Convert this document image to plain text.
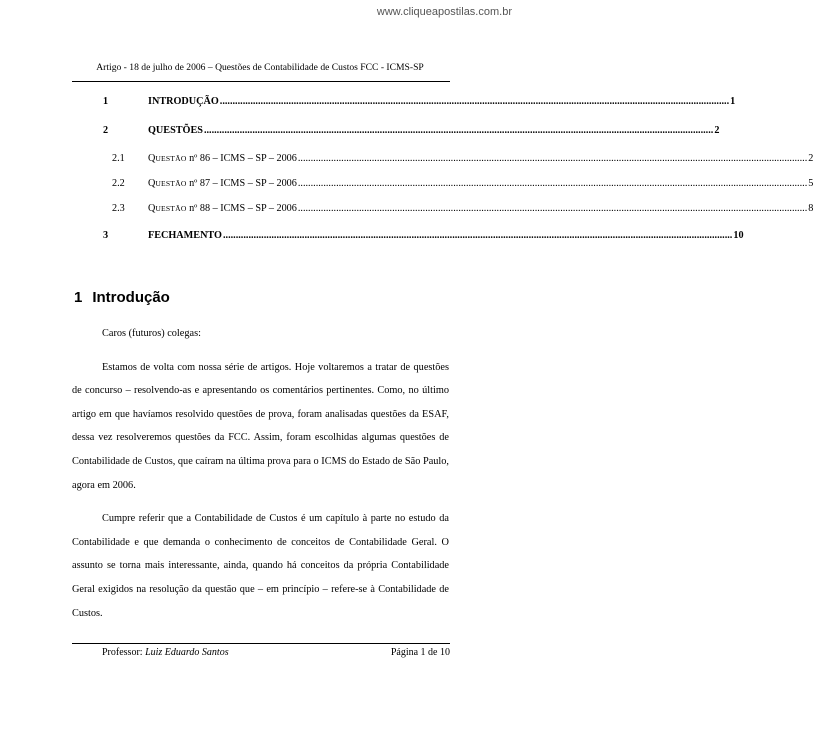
www.cliqueapostilas.com.br
Artigo - 18 de julho de 2006 – Questões de Contabilidade de Custos FCC - ICMS-SP
1	INTRODUÇÃO ........................................................................................................................................................................................................ 1
2	QUESTÕES ........................................................................................................................................................................................................ 2
2.1	QUESTÃO nº 86 – ICMS – SP – 2006 ........................................................................................................................................................................................................ 2
2.2	QUESTÃO nº 87 – ICMS – SP – 2006 ........................................................................................................................................................................................................ 5
2.3	QUESTÃO nº 88 – ICMS – SP – 2006 ........................................................................................................................................................................................................ 8
3	FECHAMENTO ........................................................................................................................................................................................................ 10
1 Introdução

Caros (futuros) colegas:

Estamos de volta com nossa série de artigos. Hoje voltaremos a tratar de questões de concurso – resolvendo-as e apresentando os comentários pertinentes. Como, no último artigo em que havíamos resolvido questões de prova, foram analisadas questões da ESAF, dessa vez resolveremos questões da FCC. Assim, foram escolhidas algumas questões de Contabilidade de Custos, que caíram na última prova para o ICMS do Estado de São Paulo, agora em 2006.

Cumpre referir que a Contabilidade de Custos é um capítulo à parte no estudo da Contabilidade e que demanda o conhecimento de conceitos de Contabilidade Geral. O assunto se torna mais interessante, ainda, quando há conceitos da própria Contabilidade Geral exigidos na resolução da questão que – em princípio – refere-se à Contabilidade de Custos.

Professor: Luiz Eduardo Santos	Página 1 de 10
